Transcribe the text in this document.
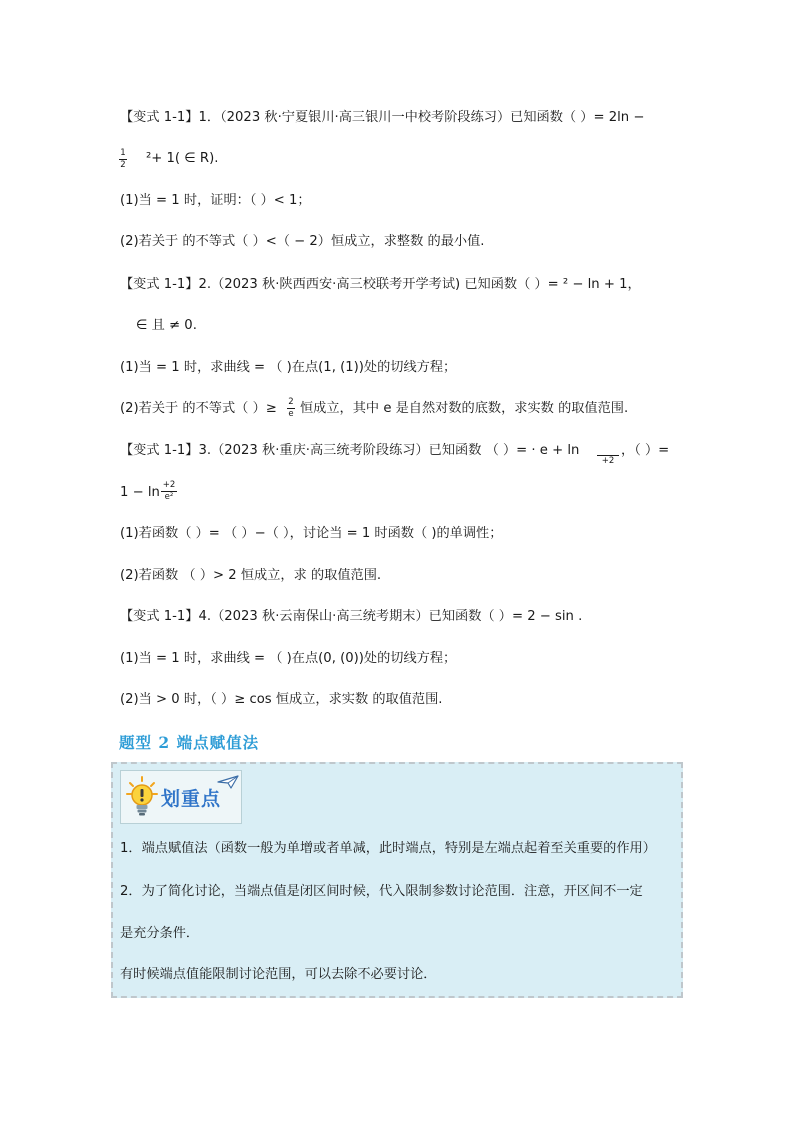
【变式 1-1】1．（2023 秋·宁夏银川·高三银川一中校考阶段练习）已知函数（ ）= 2ln −
1
2 ²+ 1( ∈ R).
(1)当 = 1 时，证明：（ ）< 1；
(2)若关于 的不等式（ ）<（ − 2）恒成立，求整数 的最小值.
【变式 1-1】2.（2023 秋·陕西西安·高三校联考开学考试) 已知函数（ ）= ² − ln + 1，
∈ 且 ≠ 0.
(1)当 = 1 时，求曲线 = （ )在点(1, (1))处的切线方程；
(2)若关于 的不等式（ ）≥ 2
e 恒成立，其中 e 是自然对数的底数，求实数 的取值范围.
【变式 1-1】3.（2023 秋·重庆·高三统考阶段练习）已知函数 （ ）= · e + ln
+2
，（ ）=
1 − ln +2
e²
(1)若函数（ ）= （ ）−（ ），讨论当 = 1 时函数（ )的单调性；
(2)若函数 （ ）> 2 恒成立，求 的取值范围.
【变式 1-1】4.（2023 秋·云南保山·高三统考期末）已知函数（ ）= 2 − sin .
(1)当 = 1 时，求曲线 = （ )在点(0, (0))处的切线方程；
(2)当 > 0 时，（ ）≥ cos 恒成立，求实数 的取值范围.
题型 2 端点赋值法
划重点
1．端点赋值法（函数一般为单增或者单减，此时端点，特别是左端点起着至关重要的作用）
2．为了简化讨论，当端点值是闭区间时候，代入限制参数讨论范围．注意，开区间不一定
是充分条件．
有时候端点值能限制讨论范围，可以去除不必要讨论．
